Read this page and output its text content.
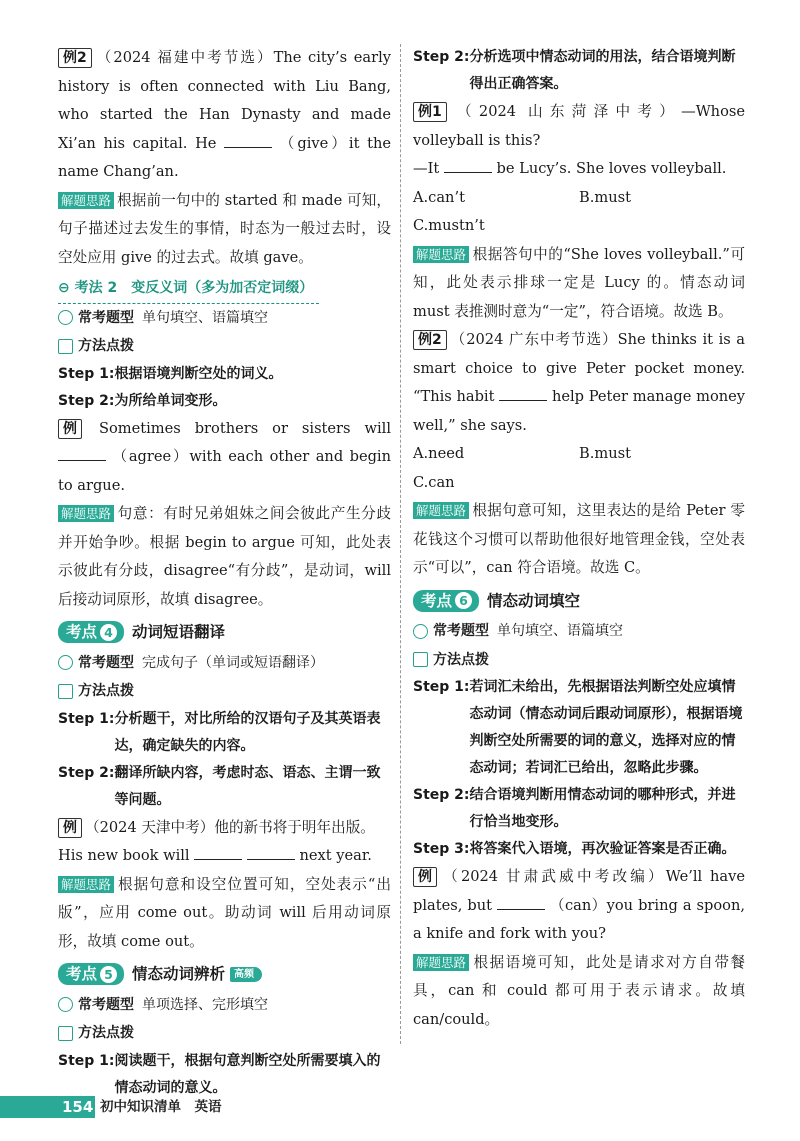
例2 （2024 福建中考节选）The city’s early history is often connected with Liu Bang, who started the Han Dynasty and made Xi’an his capital. He	（give）it the name Chang’an.

解题思路 根据前一句中的 started 和 made 可知，句子描述过去发生的事情，时态为一般过去时，设空处应用 give 的过去式。故填 gave。

⊖ 考法 2　 变反义词（多为加否定词缀）
常考题型 单句填空、语篇填空
方法点拨
Step 1: 根据语境判断空处的词义。
Step 2: 为所给单词变形。

例 Sometimes brothers or sisters will  （agree）with each other and begin to argue.

解题思路 句意：有时兄弟姐妹之间会彼此产生分歧并开始争吵。根据 begin to argue 可知，此处表示彼此有分歧，disagree“有分歧”，是动词，will 后接动词原形，故填 disagree。

考点 4 动词短语翻译
常考题型 完成句子（单词或短语翻译）
方法点拨
Step 1: 分析题干，对比所给的汉语句子及其英语表达，确定缺失的内容。
Step 2: 翻译所缺内容，考虑时态、语态、主谓一致等问题。

例 （2024 天津中考）他的新书将于明年出版。

His new book will	next year.

解题思路 根据句意和设空位置可知，空处表示“出版”，应用 come out。助动词 will 后用动词原形，故填 come out。

考点 5 情态动词辨析 高频
常考题型 单项选择、完形填空
方法点拨
Step 1: 阅读题干，根据句意判断空处所需要填入的情态动词的意义。
Step 2: 分析选项中情态动词的用法，结合语境判断得出正确答案。

例1 （2024 山东菏泽中考）—Whose volleyball is this?

—It	be Lucy’s. She loves volleyball.

A.can’t	B.must
C.mustn’t

解题思路 根据答句中的“She loves volleyball.”可知，此处表示排球一定是 Lucy 的。情态动词 must 表推测时意为“一定”，符合语境。故选 B。

例2 （2024 广东中考节选）She thinks it is a smart choice to give Peter pocket money. “This habit	help Peter manage money well,” she says.

A.need	B.must
C.can

解题思路 根据句意可知，这里表达的是给 Peter 零花钱这个习惯可以帮助他很好地管理金钱，空处表示“可以”，can 符合语境。故选 C。

考点 6 情态动词填空
常考题型 单句填空、语篇填空
方法点拨
Step 1: 若词汇未给出，先根据语法判断空处应填情态动词（情态动词后跟动词原形），根据语境判断空处所需要的词的意义，选择对应的情态动词；若词汇已给出，忽略此步骤。
Step 2: 结合语境判断用情态动词的哪种形式，并进行恰当地变形。
Step 3: 将答案代入语境，再次验证答案是否正确。

例 （2024 甘肃武威中考改编）We’ll have plates, but	（can）you bring a spoon, a knife and fork with you?

解题思路 根据语境可知，此处是请求对方自带餐具，can 和 could 都可用于表示请求。故填 can/could。

154 初中知识清单　英语
